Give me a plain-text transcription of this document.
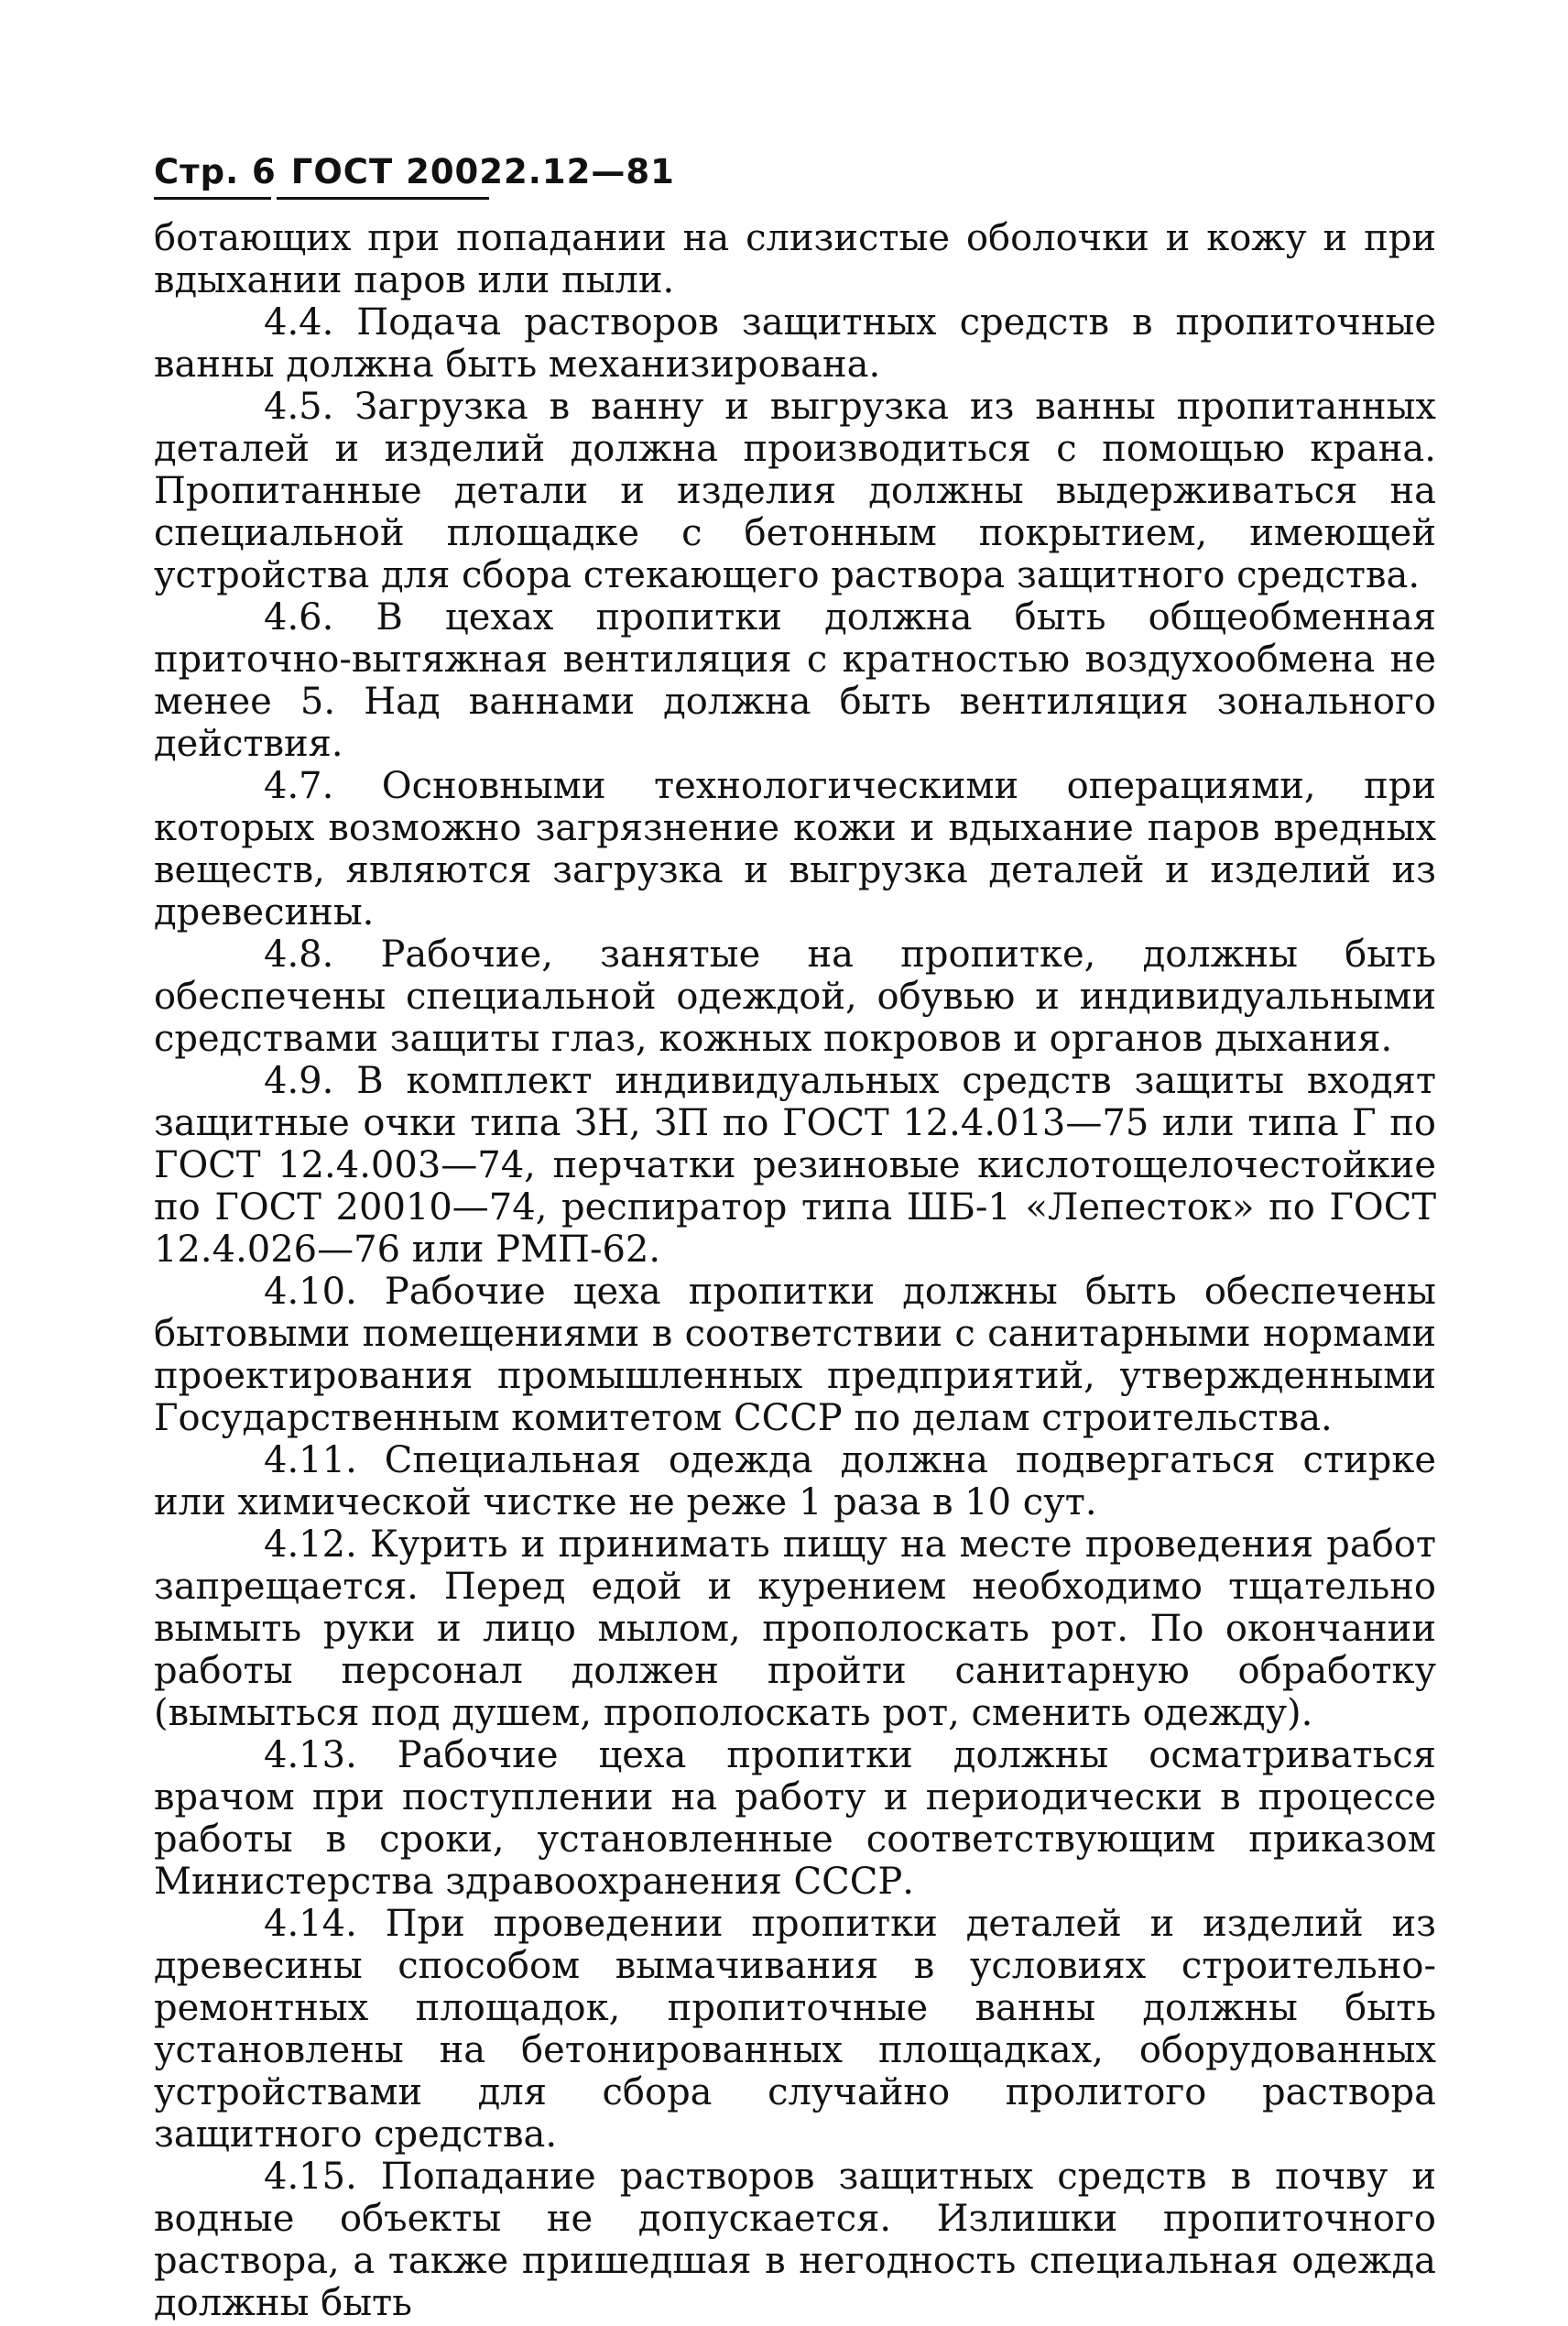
Стр. 6 ГОСТ 20022.12—81

ботающих при попадании на слизистые оболочки и кожу и при вдыхании паров или пыли.

4.4. Подача растворов защитных средств в пропиточные ванны должна быть механизирована.

4.5. Загрузка в ванну и выгрузка из ванны пропитанных деталей и изделий должна производиться с помощью крана. Пропитанные детали и изделия должны выдерживаться на специальной площадке с бетонным покрытием, имеющей устройства для сбора стекающего раствора защитного средства.

4.6. В цехах пропитки должна быть общеобменная приточно-вытяжная вентиляция с кратностью воздухообмена не менее 5. Над ваннами должна быть вентиляция зонального действия.

4.7. Основными технологическими операциями, при которых возможно загрязнение кожи и вдыхание паров вредных веществ, являются загрузка и выгрузка деталей и изделий из древесины.

4.8. Рабочие, занятые на пропитке, должны быть обеспечены специальной одеждой, обувью и индивидуальными средствами защиты глаз, кожных покровов и органов дыхания.

4.9. В комплект индивидуальных средств защиты входят защитные очки типа ЗН, ЗП по ГОСТ 12.4.013—75 или типа Г по ГОСТ 12.4.003—74, перчатки резиновые кислотощелочестойкие по ГОСТ 20010—74, респиратор типа ШБ-1 «Лепесток» по ГОСТ 12.4.026—76 или РМП-62.

4.10. Рабочие цеха пропитки должны быть обеспечены бытовыми помещениями в соответствии с санитарными нормами проектирования промышленных предприятий, утвержденными Государственным комитетом СССР по делам строительства.

4.11. Специальная одежда должна подвергаться стирке или химической чистке не реже 1 раза в 10 сут.

4.12. Курить и принимать пищу на месте проведения работ запрещается. Перед едой и курением необходимо тщательно вымыть руки и лицо мылом, прополоскать рот. По окончании работы персонал должен пройти санитарную обработку (вымыться под душем, прополоскать рот, сменить одежду).

4.13. Рабочие цеха пропитки должны осматриваться врачом при поступлении на работу и периодически в процессе работы в сроки, установленные соответствующим приказом Министерства здравоохранения СССР.

4.14. При проведении пропитки деталей и изделий из древесины способом вымачивания в условиях строительно-ремонтных площадок, пропиточные ванны должны быть установлены на бетонированных площадках, оборудованных устройствами для сбора случайно пролитого раствора защитного средства.

4.15. Попадание растворов защитных средств в почву и водные объекты не допускается. Излишки пропиточного раствора, а также пришедшая в негодность специальная одежда должны быть
